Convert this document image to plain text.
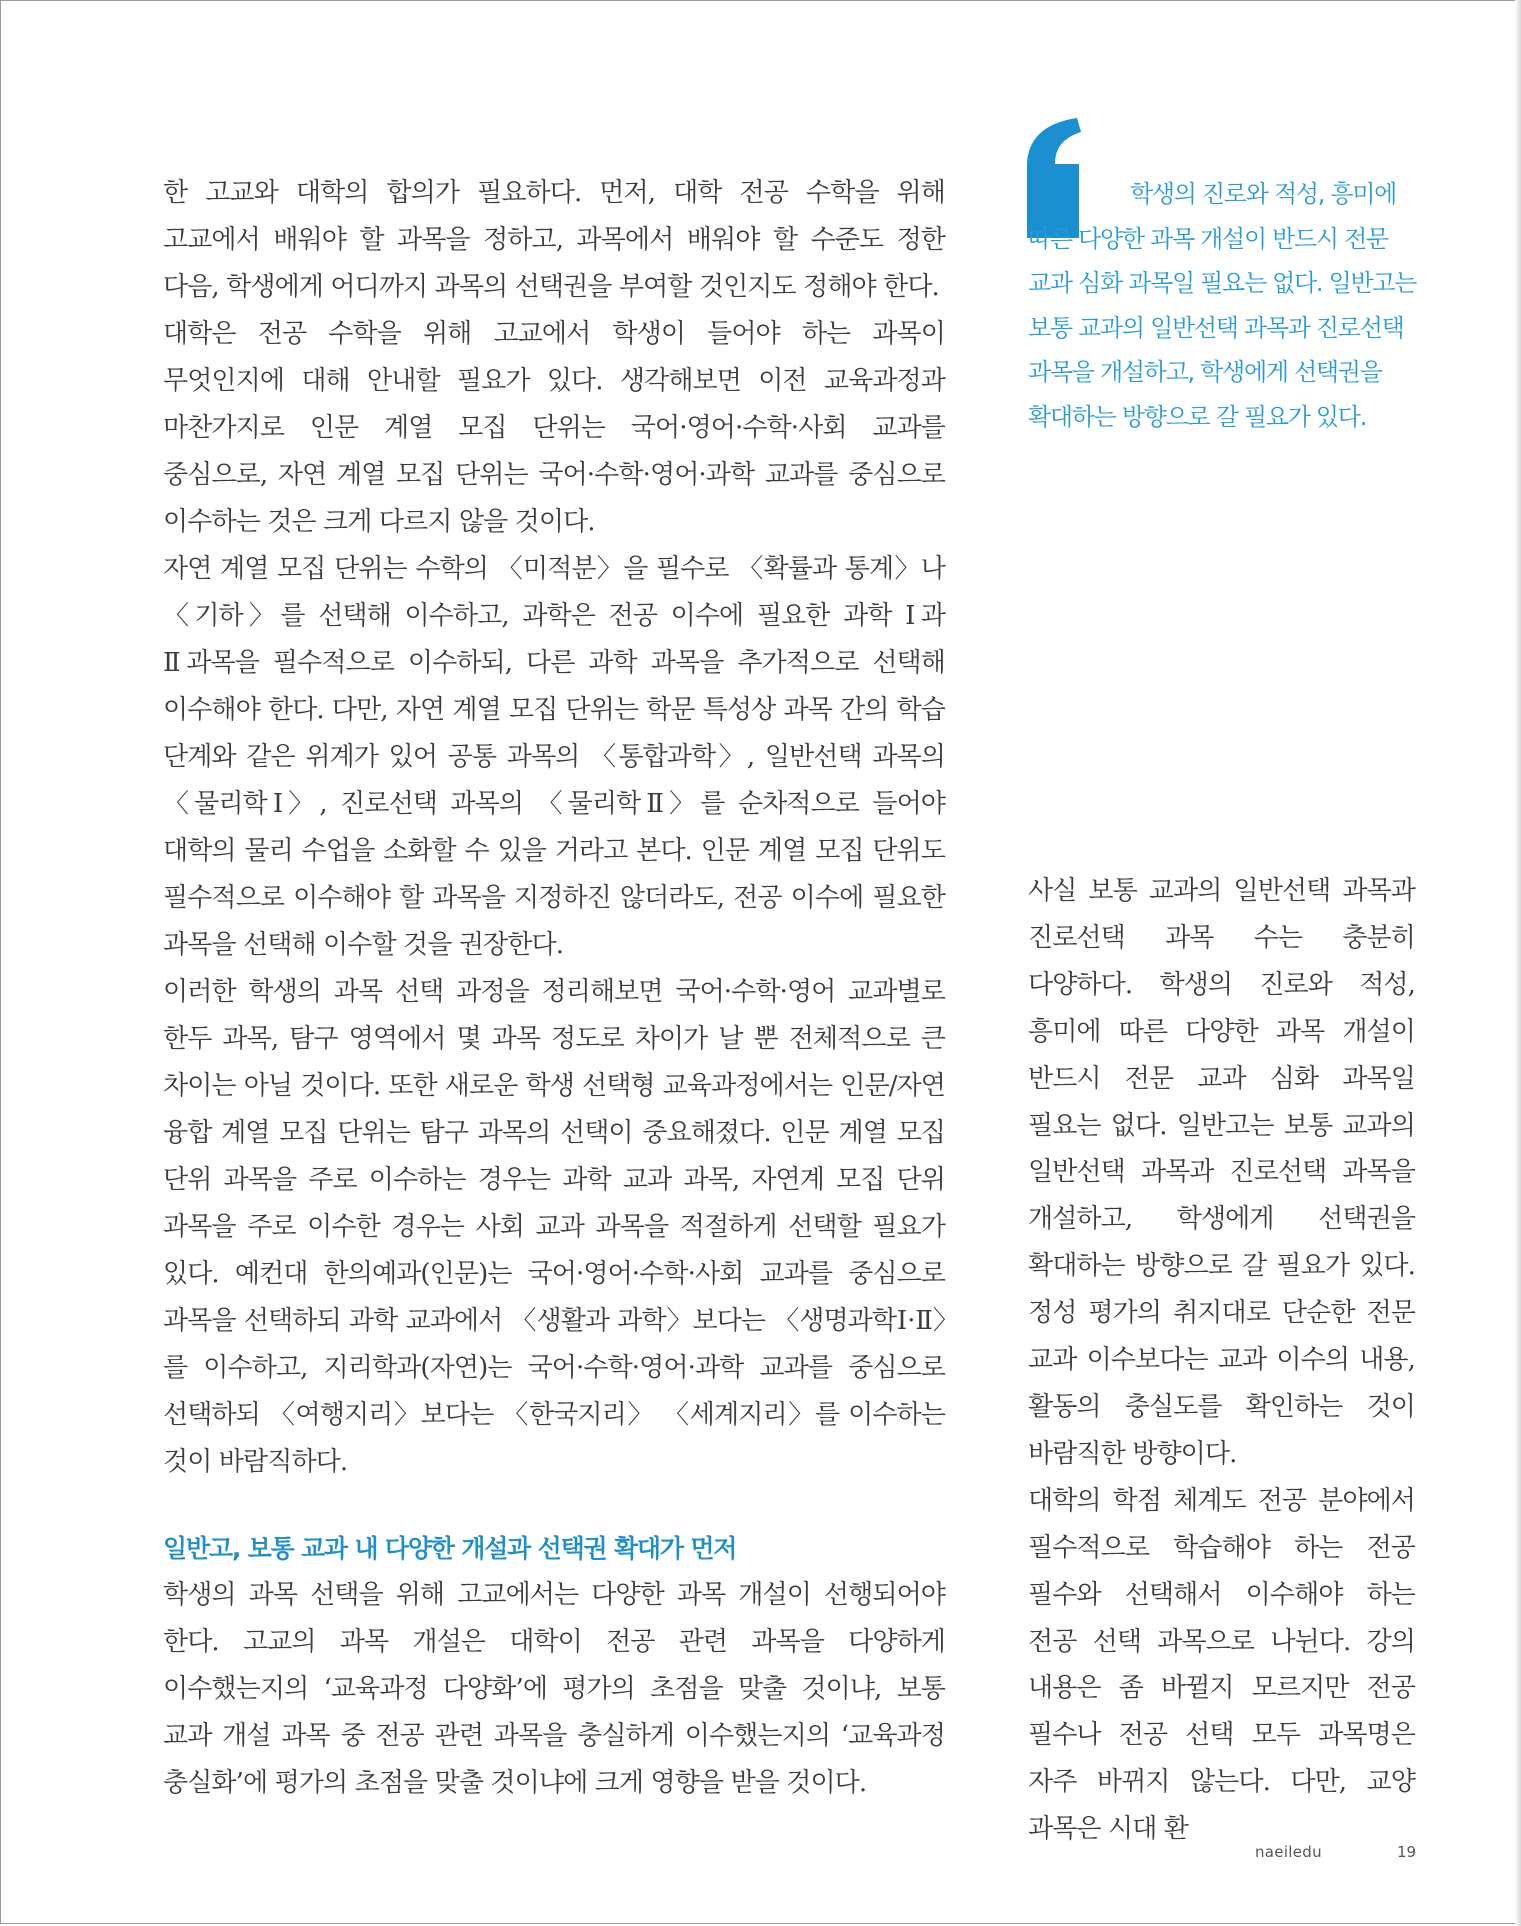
한 고교와 대학의 합의가 필요하다. 먼저, 대학 전공 수학을 위해 고교에서 배워야 할 과목을 정하고, 과목에서 배워야 할 수준도 정한 다음, 학생에게 어디까지 과목의 선택권을 부여할 것인지도 정해야 한다.

대학은 전공 수학을 위해 고교에서 학생이 들어야 하는 과목이 무엇인지에 대해 안내할 필요가 있다. 생각해보면 이전 교육과정과 마찬가지로 인문 계열 모집 단위는 국어·영어·수학·사회 교과를 중심으로, 자연 계열 모집 단위는 국어·수학·영어·과학 교과를 중심으로 이수하는 것은 크게 다르지 않을 것이다.

자연 계열 모집 단위는 수학의 〈미적분〉을 필수로 〈확률과 통계〉나 〈기하〉를 선택해 이수하고, 과학은 전공 이수에 필요한 과학 Ⅰ과 Ⅱ과목을 필수적으로 이수하되, 다른 과학 과목을 추가적으로 선택해 이수해야 한다. 다만, 자연 계열 모집 단위는 학문 특성상 과목 간의 학습 단계와 같은 위계가 있어 공통 과목의 〈통합과학〉, 일반선택 과목의 〈물리학Ⅰ〉, 진로선택 과목의 〈물리학Ⅱ〉를 순차적으로 들어야 대학의 물리 수업을 소화할 수 있을 거라고 본다. 인문 계열 모집 단위도 필수적으로 이수해야 할 과목을 지정하진 않더라도, 전공 이수에 필요한 과목을 선택해 이수할 것을 권장한다.

이러한 학생의 과목 선택 과정을 정리해보면 국어·수학·영어 교과별로 한두 과목, 탐구 영역에서 몇 과목 정도로 차이가 날 뿐 전체적으로 큰 차이는 아닐 것이다. 또한 새로운 학생 선택형 교육과정에서는 인문/자연 융합 계열 모집 단위는 탐구 과목의 선택이 중요해졌다. 인문 계열 모집 단위 과목을 주로 이수하는 경우는 과학 교과 과목, 자연계 모집 단위 과목을 주로 이수한 경우는 사회 교과 과목을 적절하게 선택할 필요가 있다. 예컨대 한의예과(인문)는 국어·영어·수학·사회 교과를 중심으로 과목을 선택하되 과학 교과에서 〈생활과 과학〉보다는 〈생명과학Ⅰ·Ⅱ〉를 이수하고, 지리학과(자연)는 국어·수학·영어·과학 교과를 중심으로 선택하되 〈여행지리〉보다는 〈한국지리〉 〈세계지리〉를 이수하는 것이 바람직하다.

일반고, 보통 교과 내 다양한 개설과 선택권 확대가 먼저

학생의 과목 선택을 위해 고교에서는 다양한 과목 개설이 선행되어야 한다. 고교의 과목 개설은 대학이 전공 관련 과목을 다양하게 이수했는지의 ‘교육과정 다양화’에 평가의 초점을 맞출 것이냐, 보통 교과 개설 과목 중 전공 관련 과목을 충실하게 이수했는지의 ‘교육과정 충실화’에 평가의 초점을 맞출 것이냐에 크게 영향을 받을 것이다.

학생의 진로와 적성, 흥미에 따른 다양한 과목 개설이 반드시 전문 교과 심화 과목일 필요는 없다. 일반고는 보통 교과의 일반선택 과목과 진로선택 과목을 개설하고, 학생에게 선택권을 확대하는 방향으로 갈 필요가 있다.

사실 보통 교과의 일반선택 과목과 진로선택 과목 수는 충분히 다양하다. 학생의 진로와 적성, 흥미에 따른 다양한 과목 개설이 반드시 전문 교과 심화 과목일 필요는 없다. 일반고는 보통 교과의 일반선택 과목과 진로선택 과목을 개설하고, 학생에게 선택권을 확대하는 방향으로 갈 필요가 있다. 정성 평가의 취지대로 단순한 전문 교과 이수보다는 교과 이수의 내용, 활동의 충실도를 확인하는 것이 바람직한 방향이다.

대학의 학점 체계도 전공 분야에서 필수적으로 학습해야 하는 전공 필수와 선택해서 이수해야 하는 전공 선택 과목으로 나뉜다. 강의 내용은 좀 바뀔지 모르지만 전공 필수나 전공 선택 모두 과목명은 자주 바뀌지 않는다. 다만, 교양 과목은 시대 환

naeiledu	19
